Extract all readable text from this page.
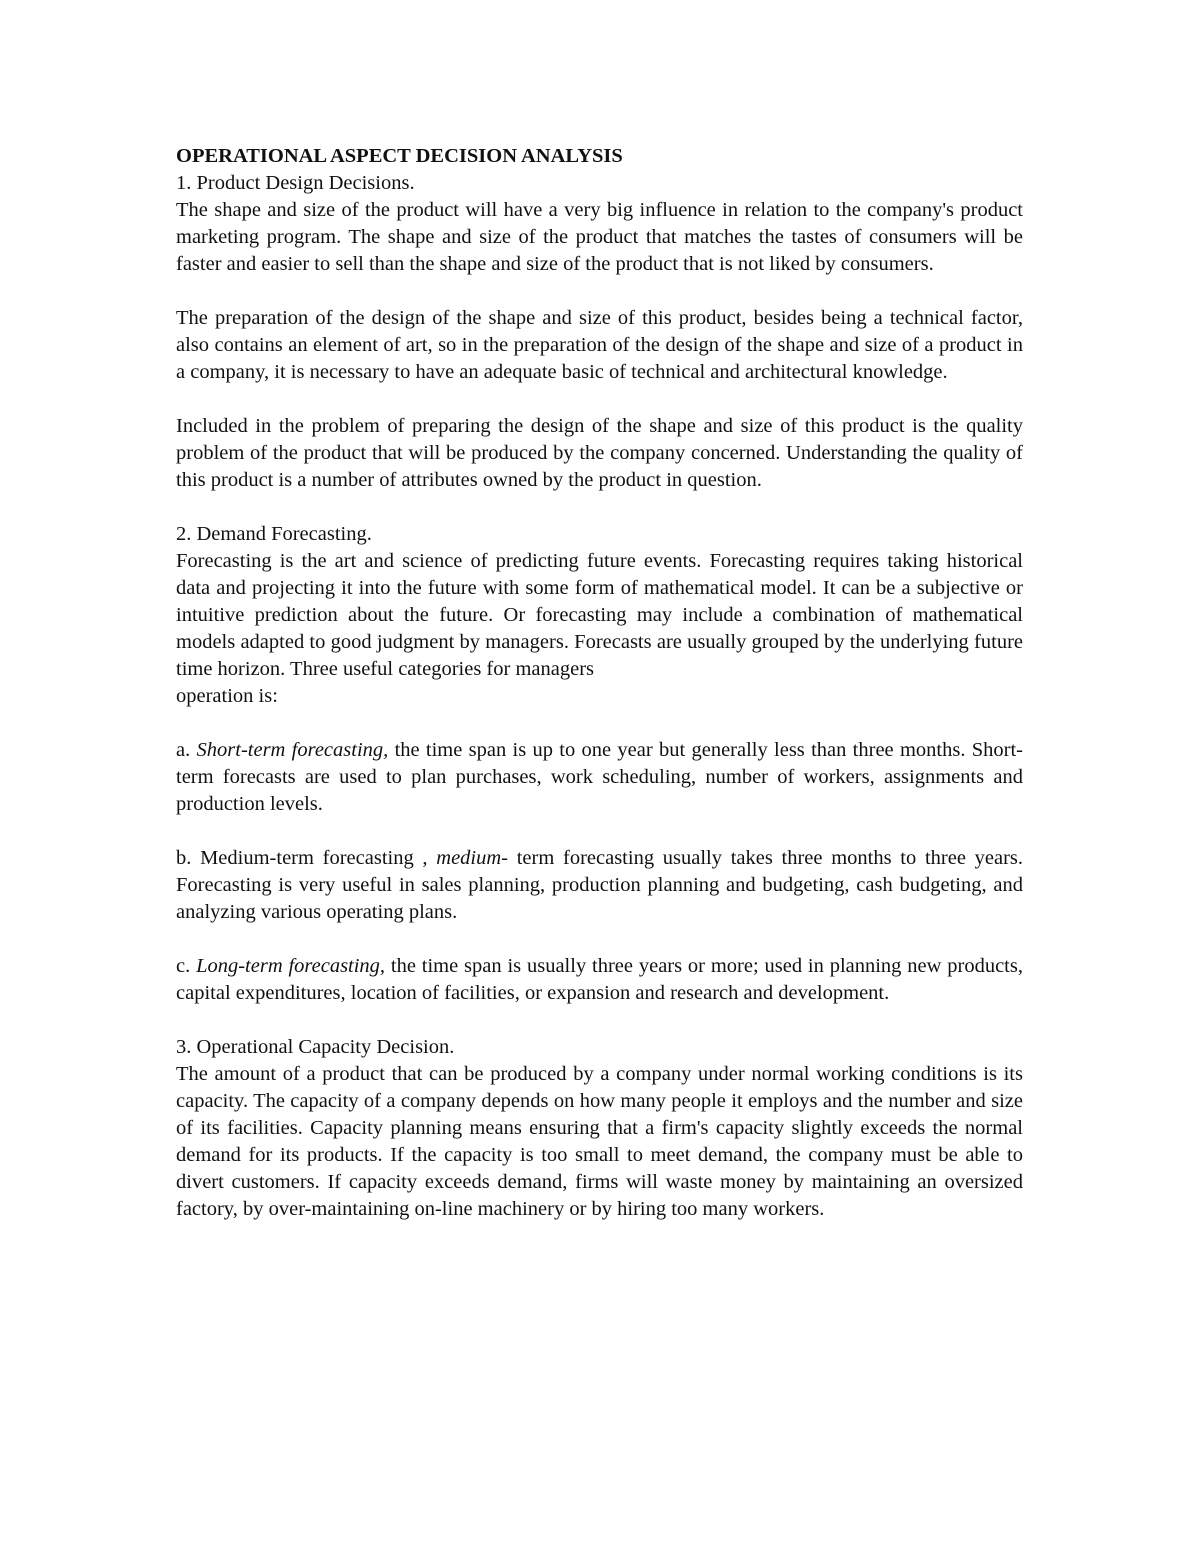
OPERATIONAL ASPECT DECISION ANALYSIS

1. Product Design Decisions.

The shape and size of the product will have a very big influence in relation to the company's product marketing program. The shape and size of the product that matches the tastes of consumers will be faster and easier to sell than the shape and size of the product that is not liked by consumers.

The preparation of the design of the shape and size of this product, besides being a technical factor, also contains an element of art, so in the preparation of the design of the shape and size of a product in a company, it is necessary to have an adequate basic of technical and architectural knowledge.

Included in the problem of preparing the design of the shape and size of this product is the quality problem of the product that will be produced by the company concerned. Understanding the quality of this product is a number of attributes owned by the product in question.

2. Demand Forecasting.

Forecasting is the art and science of predicting future events. Forecasting requires taking historical data and projecting it into the future with some form of mathematical model. It can be a subjective or intuitive prediction about the future. Or forecasting may include a combination of mathematical models adapted to good judgment by managers. Forecasts are usually grouped by the underlying future time horizon. Three useful categories for managers

operation is:

a. Short-term forecasting, the time span is up to one year but generally less than three months. Short-term forecasts are used to plan purchases, work scheduling, number of workers, assignments and production levels.

b. Medium-term forecasting , medium- term forecasting usually takes three months to three years. Forecasting is very useful in sales planning, production planning and budgeting, cash budgeting, and analyzing various operating plans.

c. Long-term forecasting, the time span is usually three years or more; used in planning new products, capital expenditures, location of facilities, or expansion and research and development.

3. Operational Capacity Decision.

The amount of a product that can be produced by a company under normal working conditions is its capacity. The capacity of a company depends on how many people it employs and the number and size of its facilities. Capacity planning means ensuring that a firm's capacity slightly exceeds the normal demand for its products. If the capacity is too small to meet demand, the company must be able to divert customers. If capacity exceeds demand, firms will waste money by maintaining an oversized factory, by over-maintaining on-line machinery or by hiring too many workers.
